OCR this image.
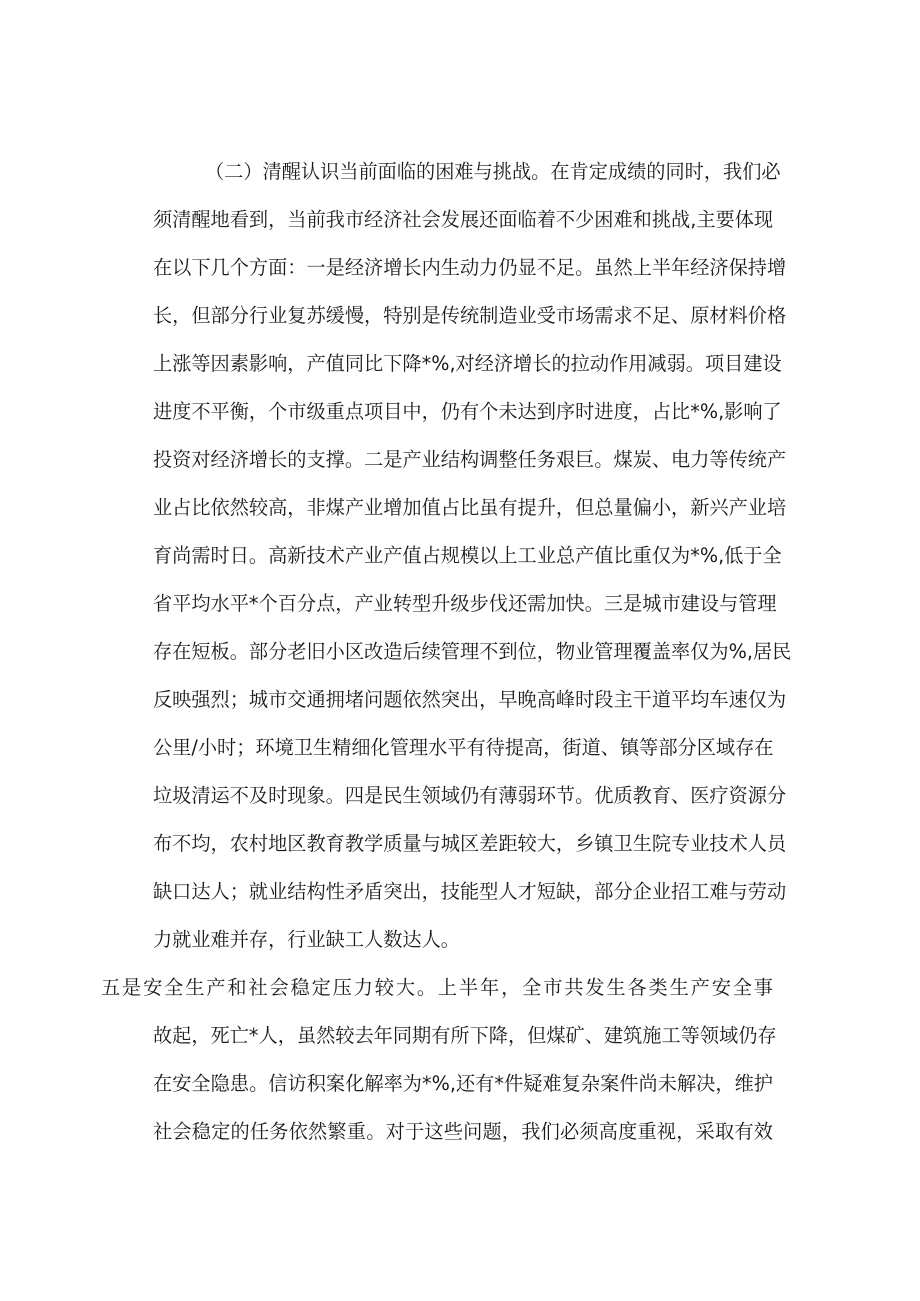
（二）清醒认识当前面临的困难与挑战。在肯定成绩的同时，我们必
须清醒地看到，当前我市经济社会发展还面临着不少困难和挑战,主要体现
在以下几个方面：一是经济增长内生动力仍显不足。虽然上半年经济保持增
长，但部分行业复苏缓慢，特别是传统制造业受市场需求不足、原材料价格
上涨等因素影响，产值同比下降*%,对经济增长的拉动作用减弱。项目建设
进度不平衡，个市级重点项目中，仍有个未达到序时进度，占比*%,影响了
投资对经济增长的支撑。二是产业结构调整任务艰巨。煤炭、电力等传统产
业占比依然较高，非煤产业增加值占比虽有提升，但总量偏小，新兴产业培
育尚需时日。高新技术产业产值占规模以上工业总产值比重仅为*%,低于全
省平均水平*个百分点，产业转型升级步伐还需加快。三是城市建设与管理
存在短板。部分老旧小区改造后续管理不到位，物业管理覆盖率仅为%,居民
反映强烈；城市交通拥堵问题依然突出，早晚高峰时段主干道平均车速仅为
公里/小时；环境卫生精细化管理水平有待提高，街道、镇等部分区域存在
垃圾清运不及时现象。四是民生领域仍有薄弱环节。优质教育、医疗资源分
布不均，农村地区教育教学质量与城区差距较大，乡镇卫生院专业技术人员
缺口达人；就业结构性矛盾突出，技能型人才短缺，部分企业招工难与劳动
力就业难并存，行业缺工人数达人。
五是安全生产和社会稳定压力较大。上半年，全市共发生各类生产安全事
故起，死亡*人，虽然较去年同期有所下降，但煤矿、建筑施工等领域仍存
在安全隐患。信访积案化解率为*%,还有*件疑难复杂案件尚未解决，维护
社会稳定的任务依然繁重。对于这些问题，我们必须高度重视，采取有效
